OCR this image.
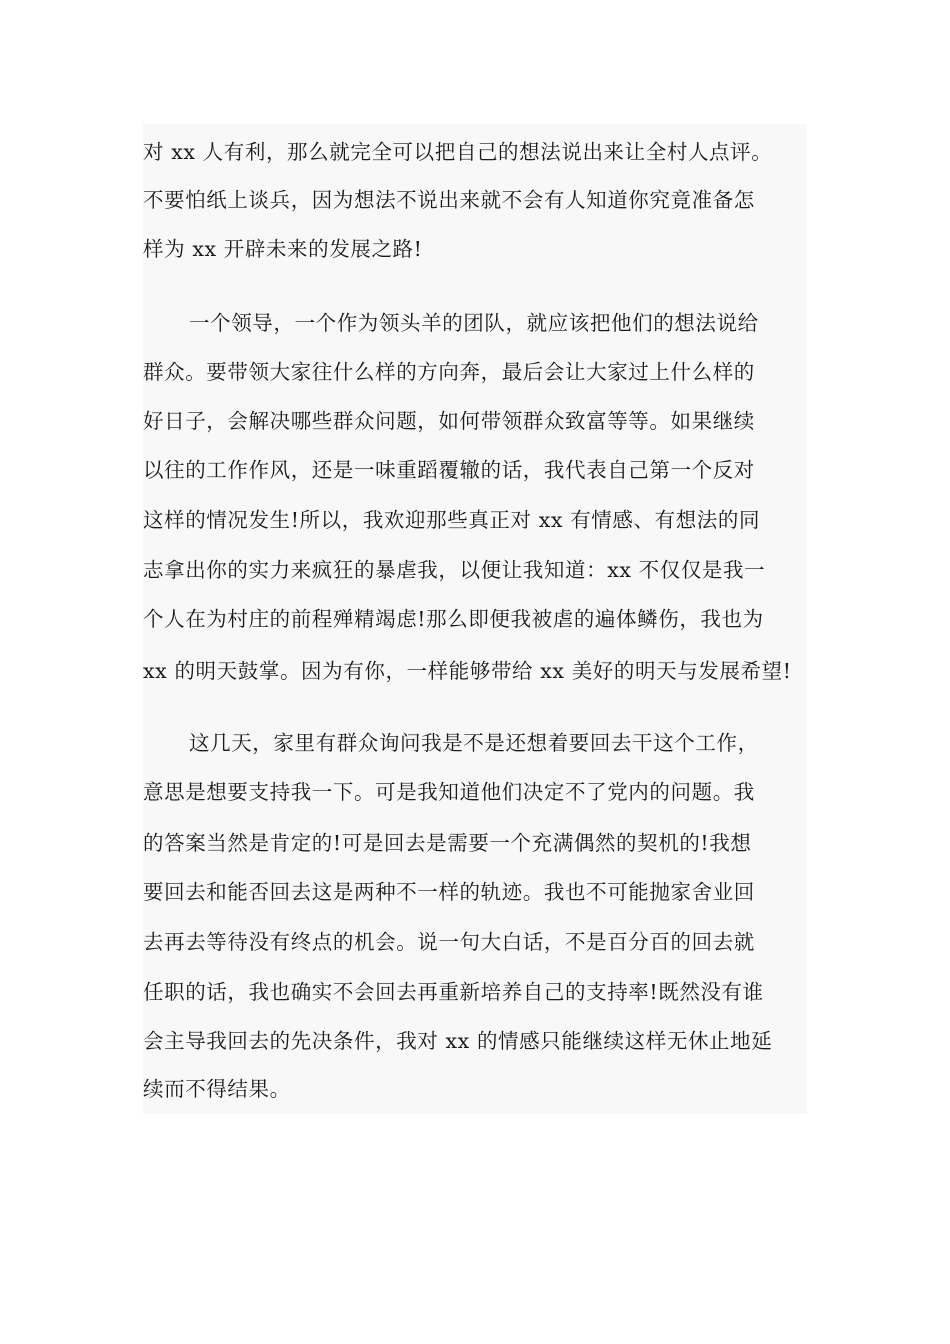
对 xx 人有利，那么就完全可以把自己的想法说出来让全村人点评。
不要怕纸上谈兵，因为想法不说出来就不会有人知道你究竟准备怎
样为 xx 开辟未来的发展之路!
一个领导，一个作为领头羊的团队，就应该把他们的想法说给
群众。要带领大家往什么样的方向奔，最后会让大家过上什么样的
好日子，会解决哪些群众问题，如何带领群众致富等等。如果继续
以往的工作作风，还是一味重蹈覆辙的话，我代表自己第一个反对
这样的情况发生!所以，我欢迎那些真正对 xx 有情感、有想法的同
志拿出你的实力来疯狂的暴虐我，以便让我知道：xx 不仅仅是我一
个人在为村庄的前程殚精竭虑!那么即便我被虐的遍体鳞伤，我也为
xx 的明天鼓掌。因为有你，一样能够带给 xx 美好的明天与发展希望!
这几天，家里有群众询问我是不是还想着要回去干这个工作，
意思是想要支持我一下。可是我知道他们决定不了党内的问题。我
的答案当然是肯定的!可是回去是需要一个充满偶然的契机的!我想
要回去和能否回去这是两种不一样的轨迹。我也不可能抛家舍业回
去再去等待没有终点的机会。说一句大白话，不是百分百的回去就
任职的话，我也确实不会回去再重新培养自己的支持率!既然没有谁
会主导我回去的先决条件，我对 xx 的情感只能继续这样无休止地延
续而不得结果。
